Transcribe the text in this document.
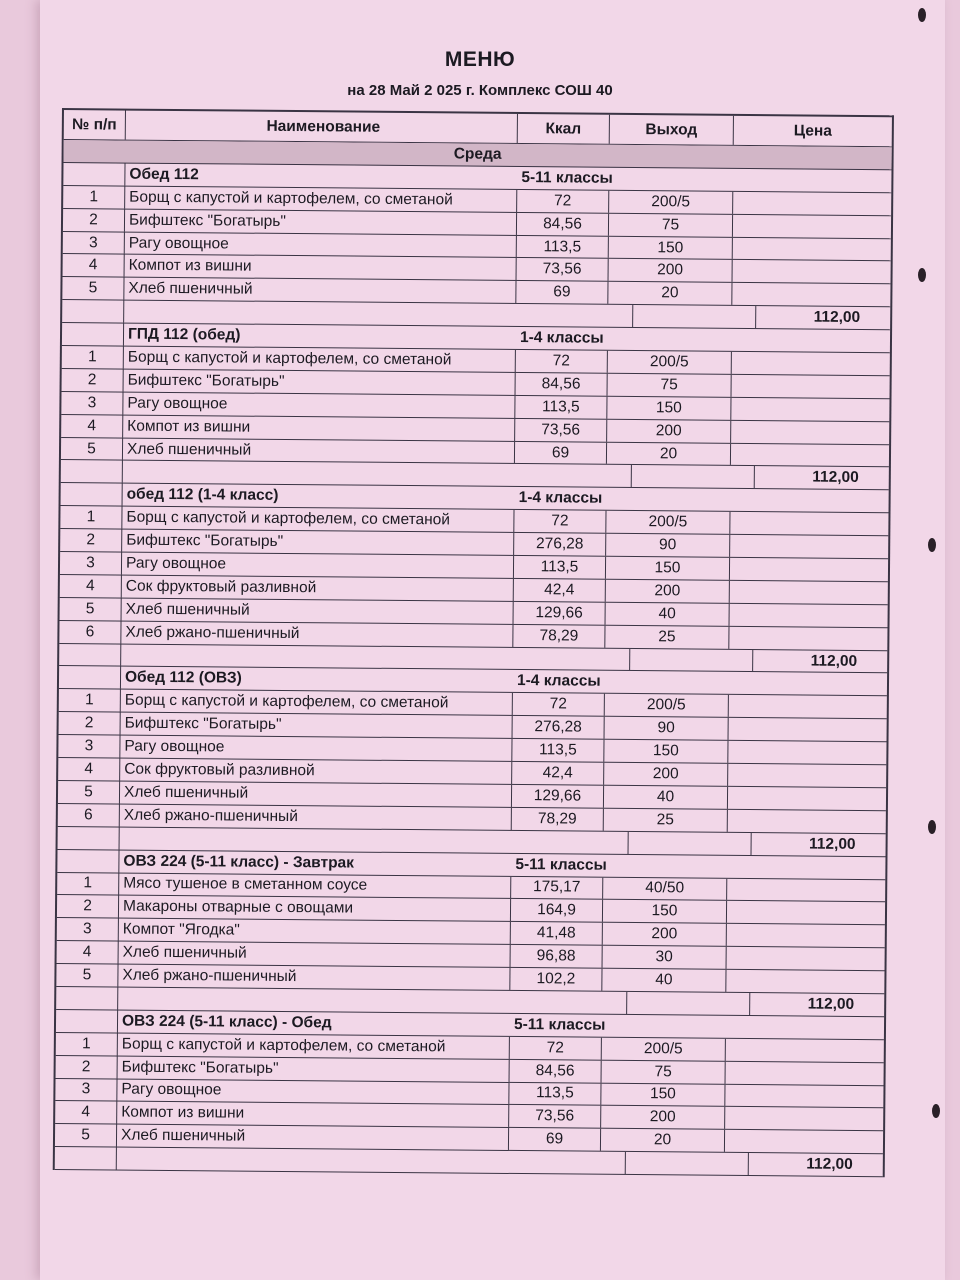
МЕНЮ
на 28 Май 2 025 г. Комплекс СОШ 40
№ п/п	Наименование	Ккал	Выход	Цена
Среда
Обед 112	5-11 классы
1	Борщ с капустой и картофелем, со сметаной	72	200/5
2	Бифштекс "Богатырь"	84,56	75
3	Рагу овощное	113,5	150
4	Компот из вишни	73,56	200
5	Хлеб пшеничный	69	20
112,00
ГПД 112 (обед)	1-4 классы
1	Борщ с капустой и картофелем, со сметаной	72	200/5
2	Бифштекс "Богатырь"	84,56	75
3	Рагу овощное	113,5	150
4	Компот из вишни	73,56	200
5	Хлеб пшеничный	69	20
112,00
обед 112 (1-4 класс)	1-4 классы
1	Борщ с капустой и картофелем, со сметаной	72	200/5
2	Бифштекс "Богатырь"	276,28	90
3	Рагу овощное	113,5	150
4	Сок фруктовый разливной	42,4	200
5	Хлеб пшеничный	129,66	40
6	Хлеб ржано-пшеничный	78,29	25
112,00
Обед 112 (ОВЗ)	1-4 классы
1	Борщ с капустой и картофелем, со сметаной	72	200/5
2	Бифштекс "Богатырь"	276,28	90
3	Рагу овощное	113,5	150
4	Сок фруктовый разливной	42,4	200
5	Хлеб пшеничный	129,66	40
6	Хлеб ржано-пшеничный	78,29	25
112,00
ОВЗ 224 (5-11 класс) - Завтрак	5-11 классы
1	Мясо тушеное в сметанном соусе	175,17	40/50
2	Макароны отварные с овощами	164,9	150
3	Компот "Ягодка"	41,48	200
4	Хлеб пшеничный	96,88	30
5	Хлеб ржано-пшеничный	102,2	40
112,00
ОВЗ 224 (5-11 класс) - Обед	5-11 классы
1	Борщ с капустой и картофелем, со сметаной	72	200/5
2	Бифштекс "Богатырь"	84,56	75
3	Рагу овощное	113,5	150
4	Компот из вишни	73,56	200
5	Хлеб пшеничный	69	20
112,00
